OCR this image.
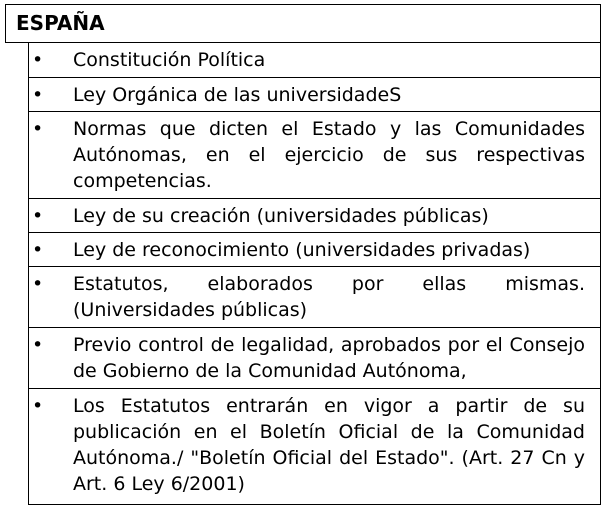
ESPAÑA
• Constitución Política
• Ley Orgánica de las universidadeS
• Normas que dicten el Estado y las Comunidades Autónomas, en el ejercicio de sus respectivas competencias.
• Ley de su creación (universidades públicas)
• Ley de reconocimiento (universidades privadas)
• Estatutos, elaborados por ellas mismas. (Universidades públicas)
• Previo control de legalidad, aprobados por el Consejo de Gobierno de la Comunidad Autónoma,
• Los Estatutos entrarán en vigor a partir de su publicación en el Boletín Oficial de la Comunidad Autónoma./ "Boletín Oficial del Estado". (Art. 27 Cn y Art. 6 Ley 6/2001)
